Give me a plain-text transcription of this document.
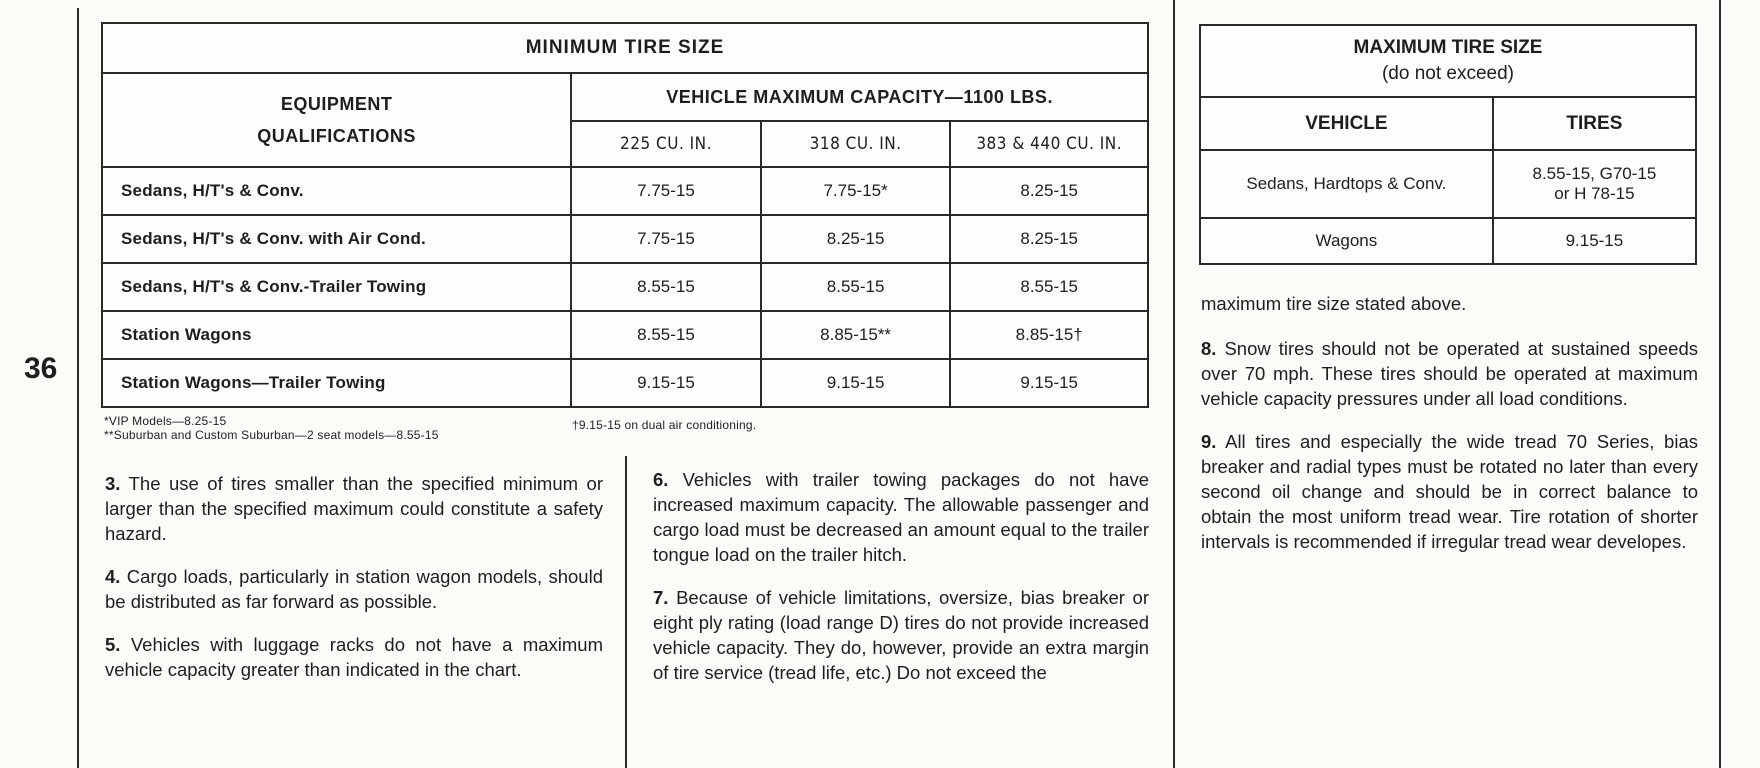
36
MINIMUM TIRE SIZE			
EQUIPMENT
QUALIFICATIONS	VEHICLE MAXIMUM CAPACITY—1100 LBS.		
	225 CU. IN.	318 CU. IN.	383 & 440 CU. IN.
Sedans, H/T's & Conv.	7.75-15	7.75-15*	8.25-15
Sedans, H/T's & Conv. with Air Cond.	7.75-15	8.25-15	8.25-15
Sedans, H/T's & Conv.-Trailer Towing	8.55-15	8.55-15	8.55-15
Station Wagons	8.55-15	8.85-15**	8.85-15†
Station Wagons—Trailer Towing	9.15-15	9.15-15	9.15-15
*VIP Models—8.25-15
**Suburban and Custom Suburban—2 seat models—8.55-15
†9.15-15 on dual air conditioning.
MAXIMUM TIRE SIZE
(do not exceed)	
VEHICLE	TIRES
Sedans, Hardtops & Conv.	8.55-15, G70-15
or H 78-15
Wagons	9.15-15

3. The use of tires smaller than the specified minimum or larger than the specified maximum could constitute a safety hazard.

4. Cargo loads, particularly in station wagon models, should be distributed as far forward as possible.

5. Vehicles with luggage racks do not have a maximum vehicle capacity greater than indicated in the chart.

6. Vehicles with trailer towing packages do not have increased maximum capacity. The allowable passenger and cargo load must be decreased an amount equal to the trailer tongue load on the trailer hitch.

7. Because of vehicle limitations, oversize, bias breaker or eight ply rating (load range D) tires do not provide increased vehicle capacity. They do, however, provide an extra margin of tire service (tread life, etc.) Do not exceed the

maximum tire size stated above.

8. Snow tires should not be operated at sustained speeds over 70 mph. These tires should be operated at maximum vehicle capacity pressures under all load conditions.

9. All tires and especially the wide tread 70 Series, bias breaker and radial types must be rotated no later than every second oil change and should be in correct balance to obtain the most uniform tread wear. Tire rotation of shorter intervals is recommended if irregular tread wear developes.
